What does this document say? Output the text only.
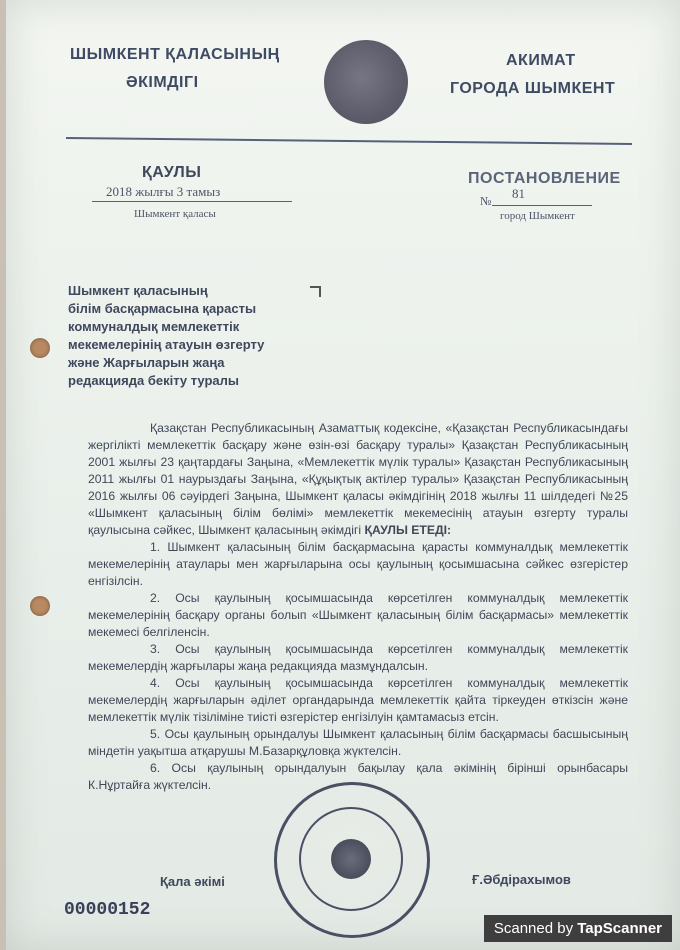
ШЫМКЕНТ ҚАЛАСЫНЫҢ
ӘКІМДІГІ
АКИМАТ
ГОРОДА ШЫМКЕНТ
ҚАУЛЫ
2018 жылғы 3 тамыз
Шымкент қаласы
ПОСТАНОВЛЕНИЕ
№ 81
город Шымкент
Шымкент қаласының
білім басқармасына қарасты
коммуналдық мемлекеттік
мекемелерінің атауын өзгерту
және Жарғыларын жаңа
редакцияда бекіту туралы

Қазақстан Республикасының Азаматтық кодексіне, «Қазақстан Республикасындағы жергілікті мемлекеттік басқару және өзін-өзі басқару туралы» Қазақстан Республикасының 2001 жылғы 23 қаңтардағы Заңына, «Мемлекеттік мүлік туралы» Қазақстан Республикасының 2011 жылғы 01 наурыздағы Заңына, «Құқықтық актілер туралы» Қазақстан Республикасының 2016 жылғы 06 сәуірдегі Заңына, Шымкент қаласы әкімдігінің 2018 жылғы 11 шілдедегі №25 «Шымкент қаласының білім бөлімі» мемлекеттік мекемесінің атауын өзгерту туралы қаулысына сәйкес, Шымкент қаласының әкімдігі ҚАУЛЫ ЕТЕДІ:

1. Шымкент қаласының білім басқармасына қарасты коммуналдық мемлекеттік мекемелерінің атаулары мен жарғыларына осы қаулының қосымшасына сәйкес өзгерістер енгізілсін.

2. Осы қаулының қосымшасында көрсетілген коммуналдық мемлекеттік мекемелерінің басқару органы болып «Шымкент қаласының білім басқармасы» мемлекеттік мекемесі белгіленсін.

3. Осы қаулының қосымшасында көрсетілген коммуналдық мемлекеттік мекемелердің жарғылары жаңа редакцияда мазмұндалсын.

4. Осы қаулының қосымшасында көрсетілген коммуналдық мемлекеттік мекемелердің жарғыларын әділет органдарында мемлекеттік қайта тіркеуден өткізсін және мемлекеттік мүлік тізіліміне тиісті өзгерістер енгізілуін қамтамасыз етсін.

5. Осы қаулының орындалуы Шымкент қаласының білім басқармасы басшысының міндетін уақытша атқарушы М.Базарқұловқа жүктелсін.

6. Осы қаулының орындалуын бақылау қала әкімінің бірінші орынбасары К.Нұртайға жүктелсін.

Қала әкімі	Ғ.Әбдірахымов
00000152
Scanned by TapScanner
